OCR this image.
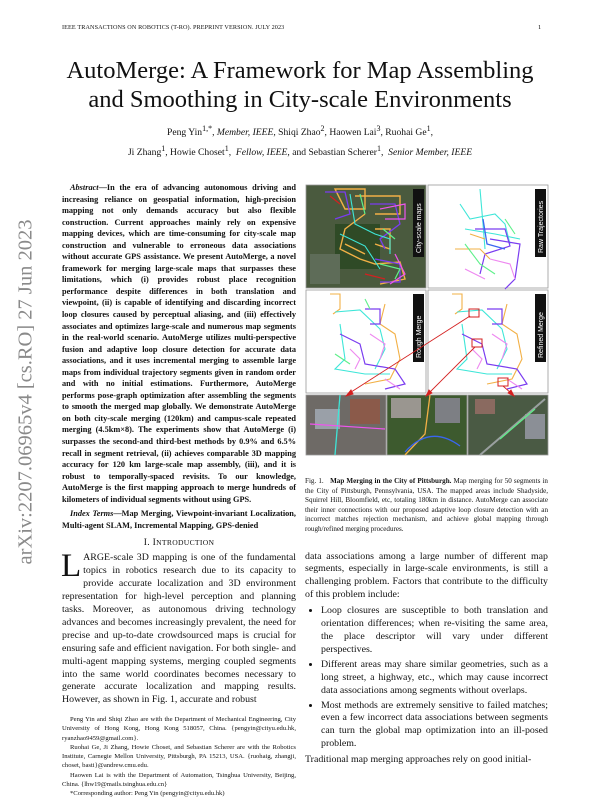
IEEE TRANSACTIONS ON ROBOTICS (T-RO). PREPRINT VERSION. JULY 2023	1
AutoMerge: A Framework for Map Assembling
and Smoothing in City-scale Environments
Peng Yin$^{1,*}$, Member, IEEE, Shiqi Zhao$^2$, Haowen Lai$^3$, Ruohai Ge$^1$,
Ji Zhang$^1$, Howie Choset$^1$,  Fellow, IEEE, and Sebastian Scherer$^1$,  Senior Member, IEEE
arXiv:2207.06965v4 [cs.RO] 27 Jun 2023

Abstract—In the era of advancing autonomous driving and increasing reliance on geospatial information, high-precision mapping not only demands accuracy but also flexible construction. Current approaches mainly rely on expensive mapping devices, which are time-consuming for city-scale map construction and vulnerable to erroneous data associations without accurate GPS assistance. We present AutoMerge, a novel framework for merging large-scale maps that surpasses these limitations, which (i) provides robust place recognition performance despite differences in both translation and viewpoint, (ii) is capable of identifying and discarding incorrect loop closures caused by perceptual aliasing, and (iii) effectively associates and optimizes large-scale and numerous map segments in the real-world scenario. AutoMerge utilizes multi-perspective fusion and adaptive loop closure detection for accurate data associations, and it uses incremental merging to assemble large maps from individual trajectory segments given in random order and with no initial estimations. Furthermore, AutoMerge performs pose-graph optimization after assembling the segments to smooth the merged map globally. We demonstrate AutoMerge on both city-scale merging (120km) and campus-scale repeated merging (4.5km×8). The experiments show that AutoMerge (i) surpasses the second-and third-best methods by 0.9% and 6.5% recall in segment retrieval, (ii) achieves comparable 3D mapping accuracy for 120 km large-scale map assembly, (iii), and it is robust to temporally-spaced revisits. To our knowledge, AutoMerge is the first mapping approach to merge hundreds of kilometers of individual segments without using GPS.

Index Terms—Map Merging, Viewpoint-invariant Localization, Multi-agent SLAM, Incremental Mapping, GPS-denied

I. INTRODUCTION

LARGE-scale 3D mapping is one of the fundamental topics in robotics research due to its capacity to provide accurate localization and 3D environment representation for high-level perception and planning tasks. Moreover, as autonomous driving technology advances and becomes increasingly prevalent, the need for precise and up-to-date crowdsourced maps is crucial for ensuring safe and efficient navigation. For both single- and multi-agent mapping systems, merging coupled segments into the same world coordinates becomes necessary to generate accurate localization and mapping results. However, as shown in Fig. 1, accurate and robust

Peng Yin and Shiqi Zhao are with the Department of Mechanical Engineering, City University of Hong Kong, Hong Kong 518057, China. {pengyin@cityu.edu.hk, ryanzhao9459@gmail.com}.

Ruohai Ge, Ji Zhang, Howie Choset, and Sebastian Scherer are with the Robotics Institute, Carnegie Mellon University, Pittsburgh, PA 15213, USA. {ruohaig, zhangji, choset, basti}@andrew.cmu.edu.

Haowen Lai is with the Department of Automation, Tsinghua University, Beijing, China. {lhw19@mails.tsinghua.edu.cn}

*Corresponding author: Peng Yin (pengyin@cityu.edu.hk)

City-scale maps	Raw Trajectories
Rough Merge	Refined Merge

Fig. 1. Map Merging in the City of Pittsburgh. Map merging for 50 segments in the City of Pittsburgh, Pennsylvania, USA. The mapped areas include Shadyside, Squirrel Hill, Bloomfield, etc, totaling 180km in distance. AutoMerge can associate their inner connections with our proposed adaptive loop closure detection with an incorrect matches rejection mechanism, and achieve global mapping through rough/refined merging procedures.

data associations among a large number of different map segments, especially in large-scale environments, is still a challenging problem. Factors that contribute to the difficulty of this problem include:

• Loop closures are susceptible to both translation and orientation differences; when re-visiting the same area, the place descriptor will vary under different perspectives.
• Different areas may share similar geometries, such as a long street, a highway, etc., which may cause incorrect data associations among segments without overlaps.
• Most methods are extremely sensitive to failed matches; even a few incorrect data associations between segments can turn the global map optimization into an ill-posed problem.

Traditional map merging approaches rely on good initial-
